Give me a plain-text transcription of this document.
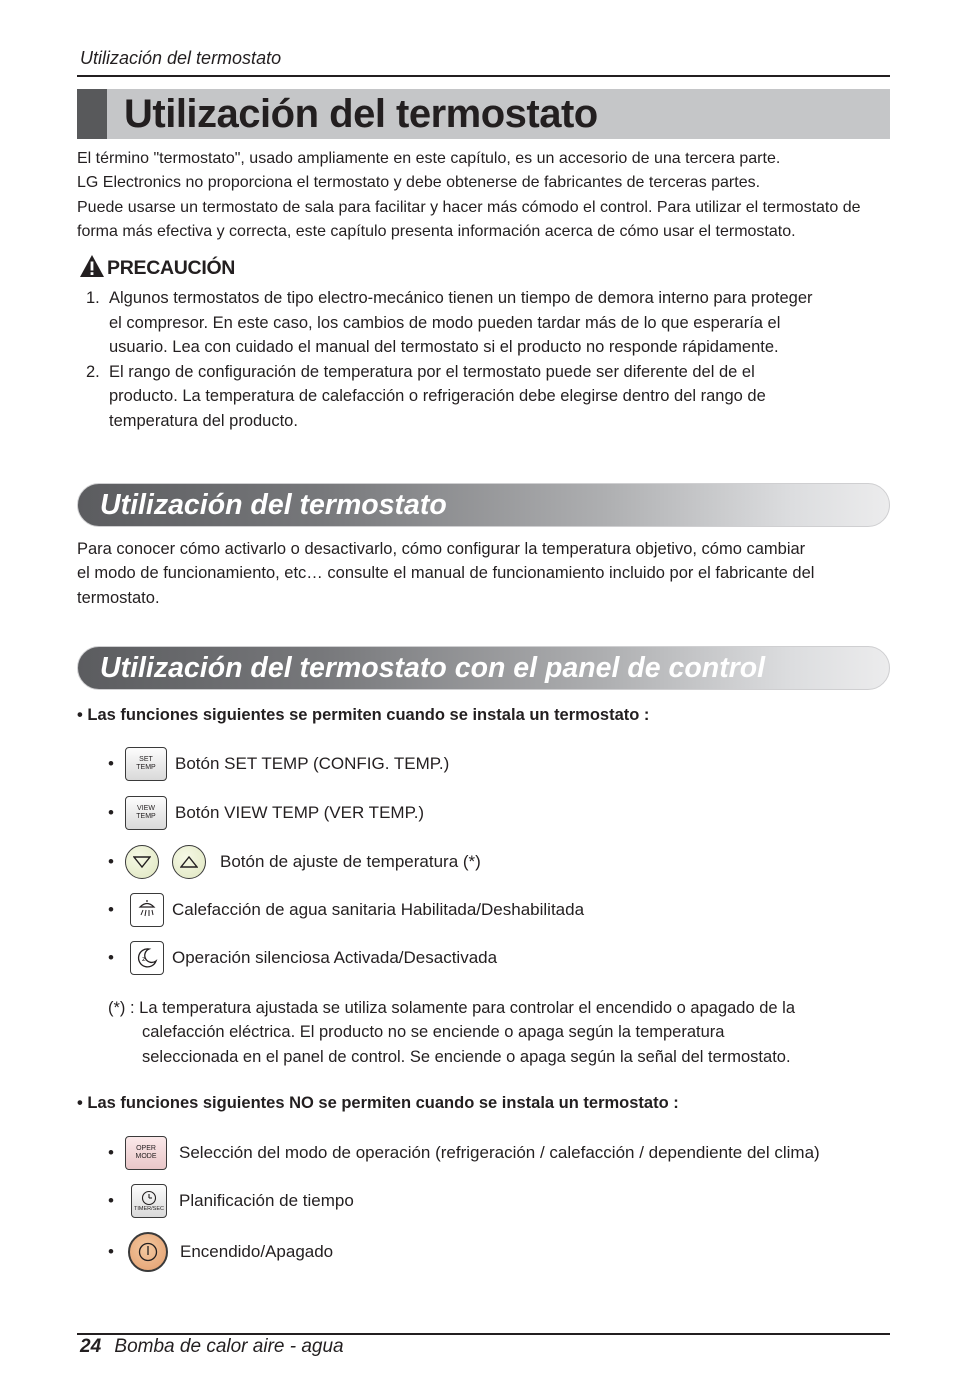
Utilización del termostato
Utilización del termostato

El término "termostato", usado ampliamente en este capítulo, es un accesorio de una tercera parte.

LG Electronics no proporciona el termostato y debe obtenerse de fabricantes de terceras partes.

Puede usarse un termostato de sala para facilitar y hacer más cómodo el control. Para utilizar el termostato de

forma más efectiva y correcta, este capítulo presenta información acerca de cómo usar el termostato.

PRECAUCIÓN
1. Algunos termostatos de tipo electro-mecánico tienen un tiempo de demora interno para proteger
el compresor. En este caso, los cambios de modo pueden tardar más de lo que esperaría el
usuario. Lea con cuidado el manual del termostato si el producto no responde rápidamente.
2. El rango de configuración de temperatura por el termostato puede ser diferente del de el
producto. La temperatura de calefacción o refrigeración debe elegirse dentro del rango de
temperatura del producto.
Utilización del termostato

Para conocer cómo activarlo o desactivarlo, cómo configurar la temperatura objetivo, cómo cambiar

el modo de funcionamiento, etc… consulte el manual de funcionamiento incluido por el fabricante del

termostato.

Utilización del termostato con el panel de control
• Las funciones siguientes se permiten cuando se instala un termostato :
•	SET
TEMP Botón SET TEMP (CONFIG. TEMP.)
•	VIEW
TEMP Botón VIEW TEMP (VER TEMP.)
•	Botón de ajuste de temperatura (*)
•	Calefacción de agua sanitaria Habilitada/Deshabilitada
•	z Operación silenciosa Activada/Desactivada
(*) : La temperatura ajustada se utiliza solamente para controlar el encendido o apagado de la
calefacción eléctrica. El producto no se enciende o apaga según la temperatura
seleccionada en el panel de control. Se enciende o apaga según la señal del termostato.
• Las funciones siguientes NO se permiten cuando se instala un termostato :
•	OPER
MODE Selección del modo de operación (refrigeración / calefacción / dependiente del clima)
•	TIMER/SEC Planificación de tiempo
•	Encendido/Apagado
24 Bomba de calor aire - agua
